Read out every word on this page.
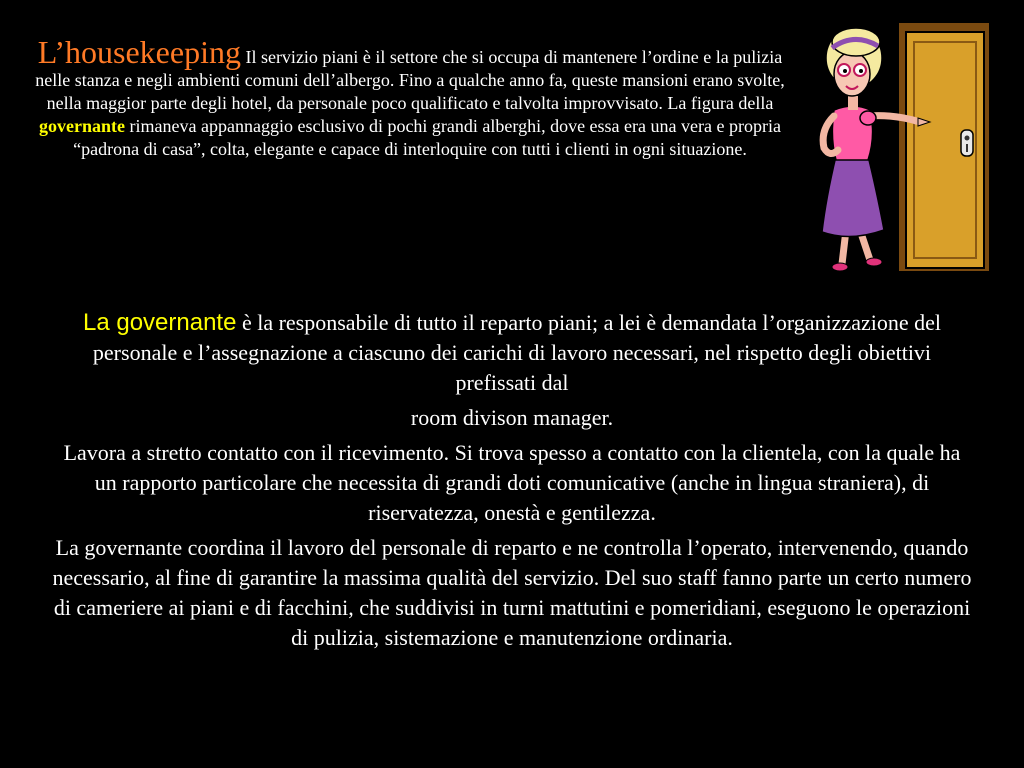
L’housekeeping Il servizio piani è il settore che si occupa di mantenere l’ordine e la pulizia nelle stanza e negli ambienti comuni dell’albergo. Fino a qualche anno fa, queste mansioni erano svolte, nella maggior parte degli hotel, da personale poco qualificato e talvolta improvvisato. La figura della governante rimaneva appannaggio esclusivo di pochi grandi alberghi, dove essa era una vera e propria “padrona di casa”, colta, elegante e capace di interloquire con tutti i clienti in ogni situazione.

La governante è la responsabile di tutto il reparto piani; a lei è demandata l’organizzazione del personale e l’assegnazione a ciascuno dei carichi di lavoro necessari, nel rispetto degli obiettivi prefissati dal

room divison manager.

Lavora a stretto contatto con il ricevimento. Si trova spesso a contatto con la clientela, con la quale ha un rapporto particolare che necessita di grandi doti comunicative (anche in lingua straniera), di riservatezza, onestà e gentilezza.

La governante coordina il lavoro del personale di reparto e ne controlla l’operato, intervenendo, quando necessario, al fine di garantire la massima qualità del servizio. Del suo staff fanno parte un certo numero di cameriere ai piani e di facchini, che suddivisi in turni mattutini e pomeridiani, eseguono le operazioni di pulizia, sistemazione e manutenzione ordinaria.
